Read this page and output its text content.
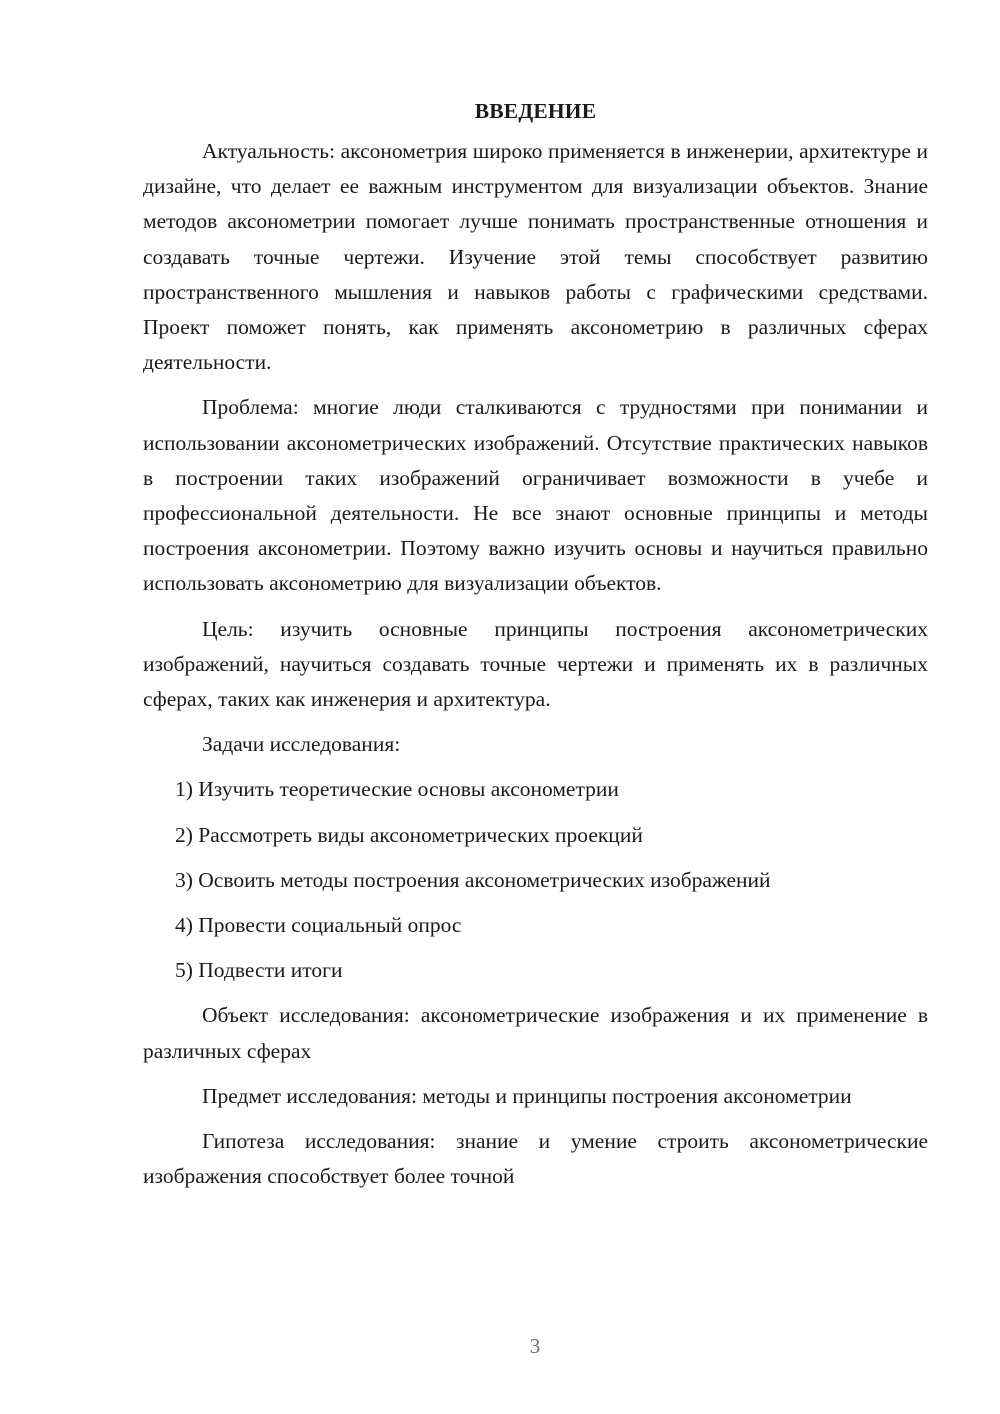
ВВЕДЕНИЕ

Актуальность: аксонометрия широко применяется в инженерии, архитектуре и дизайне, что делает ее важным инструментом для визуализации объектов. Знание методов аксонометрии помогает лучше понимать пространственные отношения и создавать точные чертежи. Изучение этой темы способствует развитию пространственного мышления и навыков работы с графическими средствами. Проект поможет понять, как применять аксонометрию в различных сферах деятельности.

Проблема: многие люди сталкиваются с трудностями при понимании и использовании аксонометрических изображений. Отсутствие практических навыков в построении таких изображений ограничивает возможности в учебе и профессиональной деятельности. Не все знают основные принципы и методы построения аксонометрии. Поэтому важно изучить основы и научиться правильно использовать аксонометрию для визуализации объектов.

Цель: изучить основные принципы построения аксонометрических изображений, научиться создавать точные чертежи и применять их в различных сферах, таких как инженерия и архитектура.

Задачи исследования:

1) Изучить теоретические основы аксонометрии
2) Рассмотреть виды аксонометрических проекций
3) Освоить методы построения аксонометрических изображений
4) Провести социальный опрос
5) Подвести итоги

Объект исследования: аксонометрические изображения и их применение в различных сферах

Предмет исследования: методы и принципы построения аксонометрии

Гипотеза исследования: знание и умение строить аксонометрические изображения способствует более точной

3
